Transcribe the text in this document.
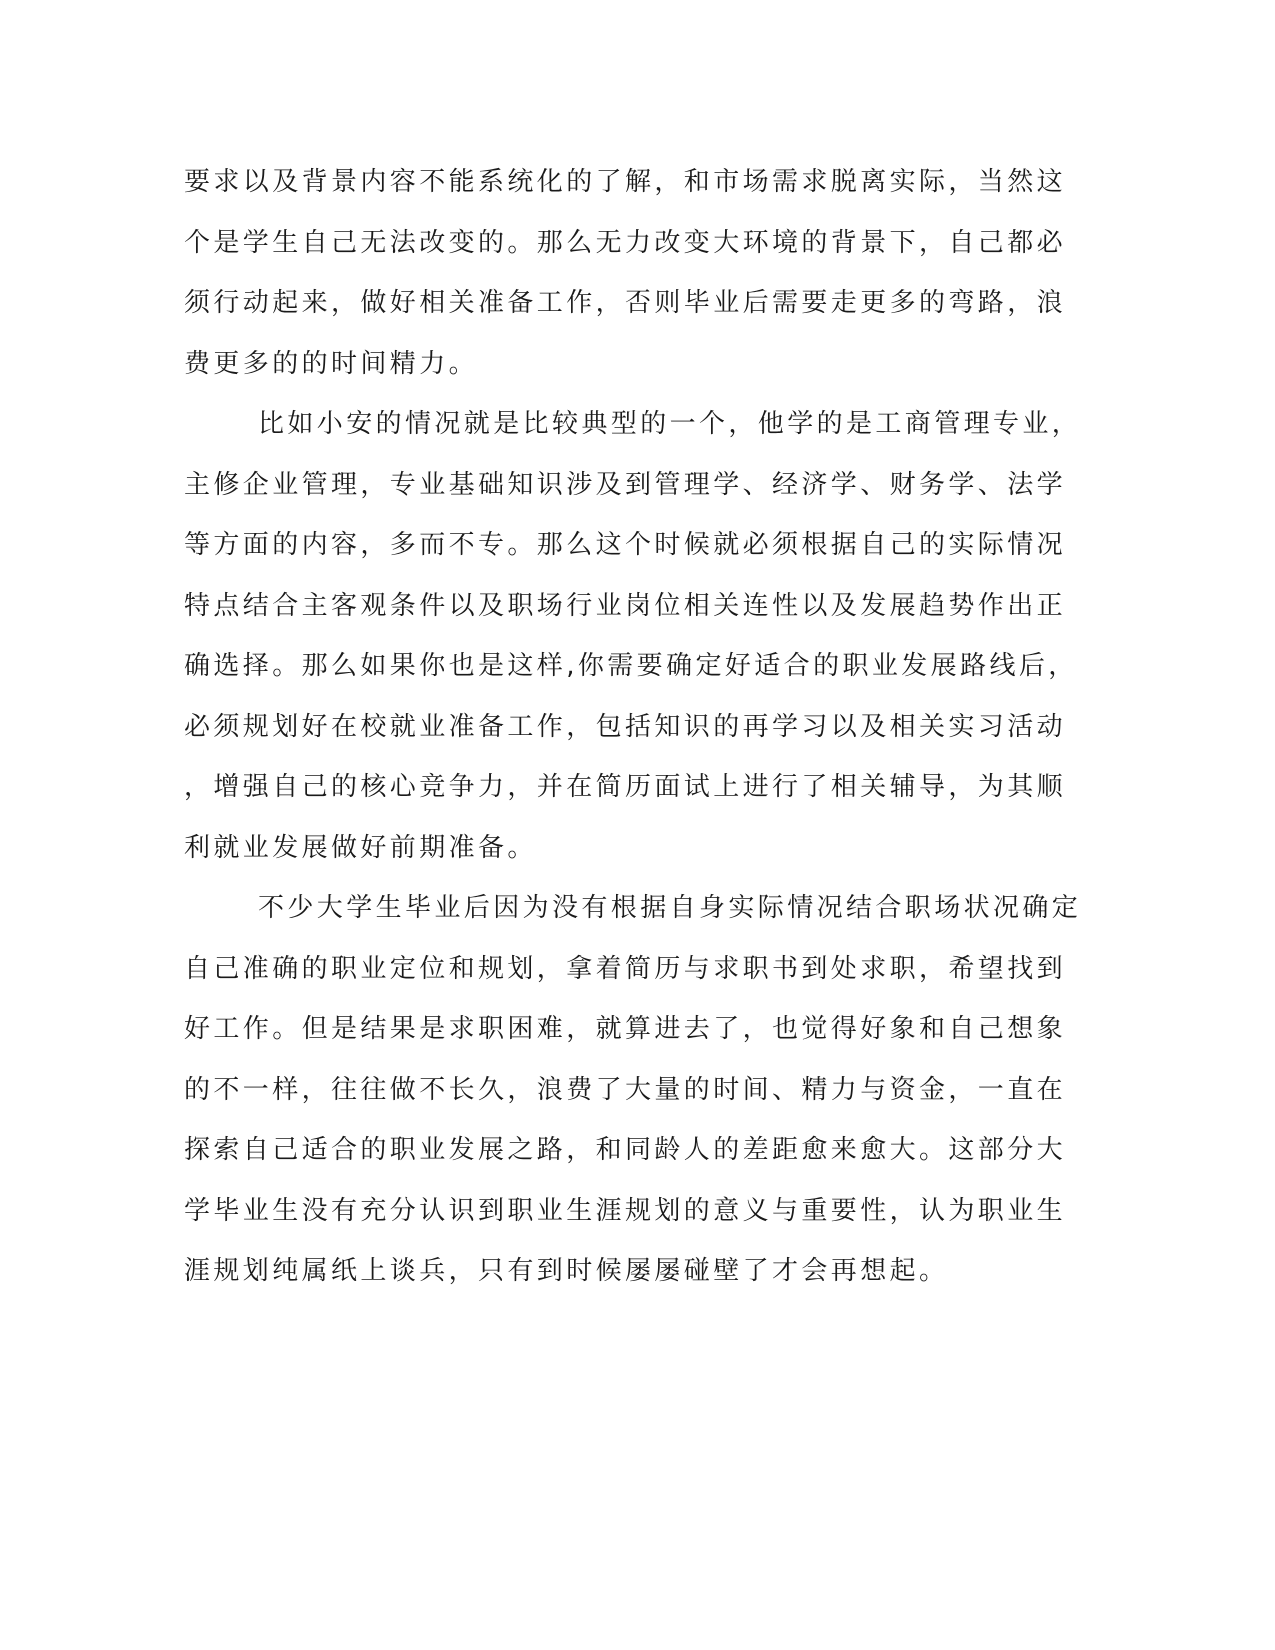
要求以及背景内容不能系统化的了解，和市场需求脱离实际，当然这
个是学生自己无法改变的。那么无力改变大环境的背景下，自己都必
须行动起来，做好相关准备工作，否则毕业后需要走更多的弯路，浪
费更多的的时间精力。
比如小安的情况就是比较典型的一个，他学的是工商管理专业，
主修企业管理，专业基础知识涉及到管理学、经济学、财务学、法学
等方面的内容，多而不专。那么这个时候就必须根据自己的实际情况
特点结合主客观条件以及职场行业岗位相关连性以及发展趋势作出正
确选择。那么如果你也是这样,你需要确定好适合的职业发展路线后，
必须规划好在校就业准备工作，包括知识的再学习以及相关实习活动
，增强自己的核心竞争力，并在简历面试上进行了相关辅导，为其顺
利就业发展做好前期准备。
不少大学生毕业后因为没有根据自身实际情况结合职场状况确定
自己准确的职业定位和规划，拿着简历与求职书到处求职，希望找到
好工作。但是结果是求职困难，就算进去了，也觉得好象和自己想象
的不一样，往往做不长久，浪费了大量的时间、精力与资金，一直在
探索自己适合的职业发展之路，和同龄人的差距愈来愈大。这部分大
学毕业生没有充分认识到职业生涯规划的意义与重要性，认为职业生
涯规划纯属纸上谈兵，只有到时候屡屡碰壁了才会再想起。
